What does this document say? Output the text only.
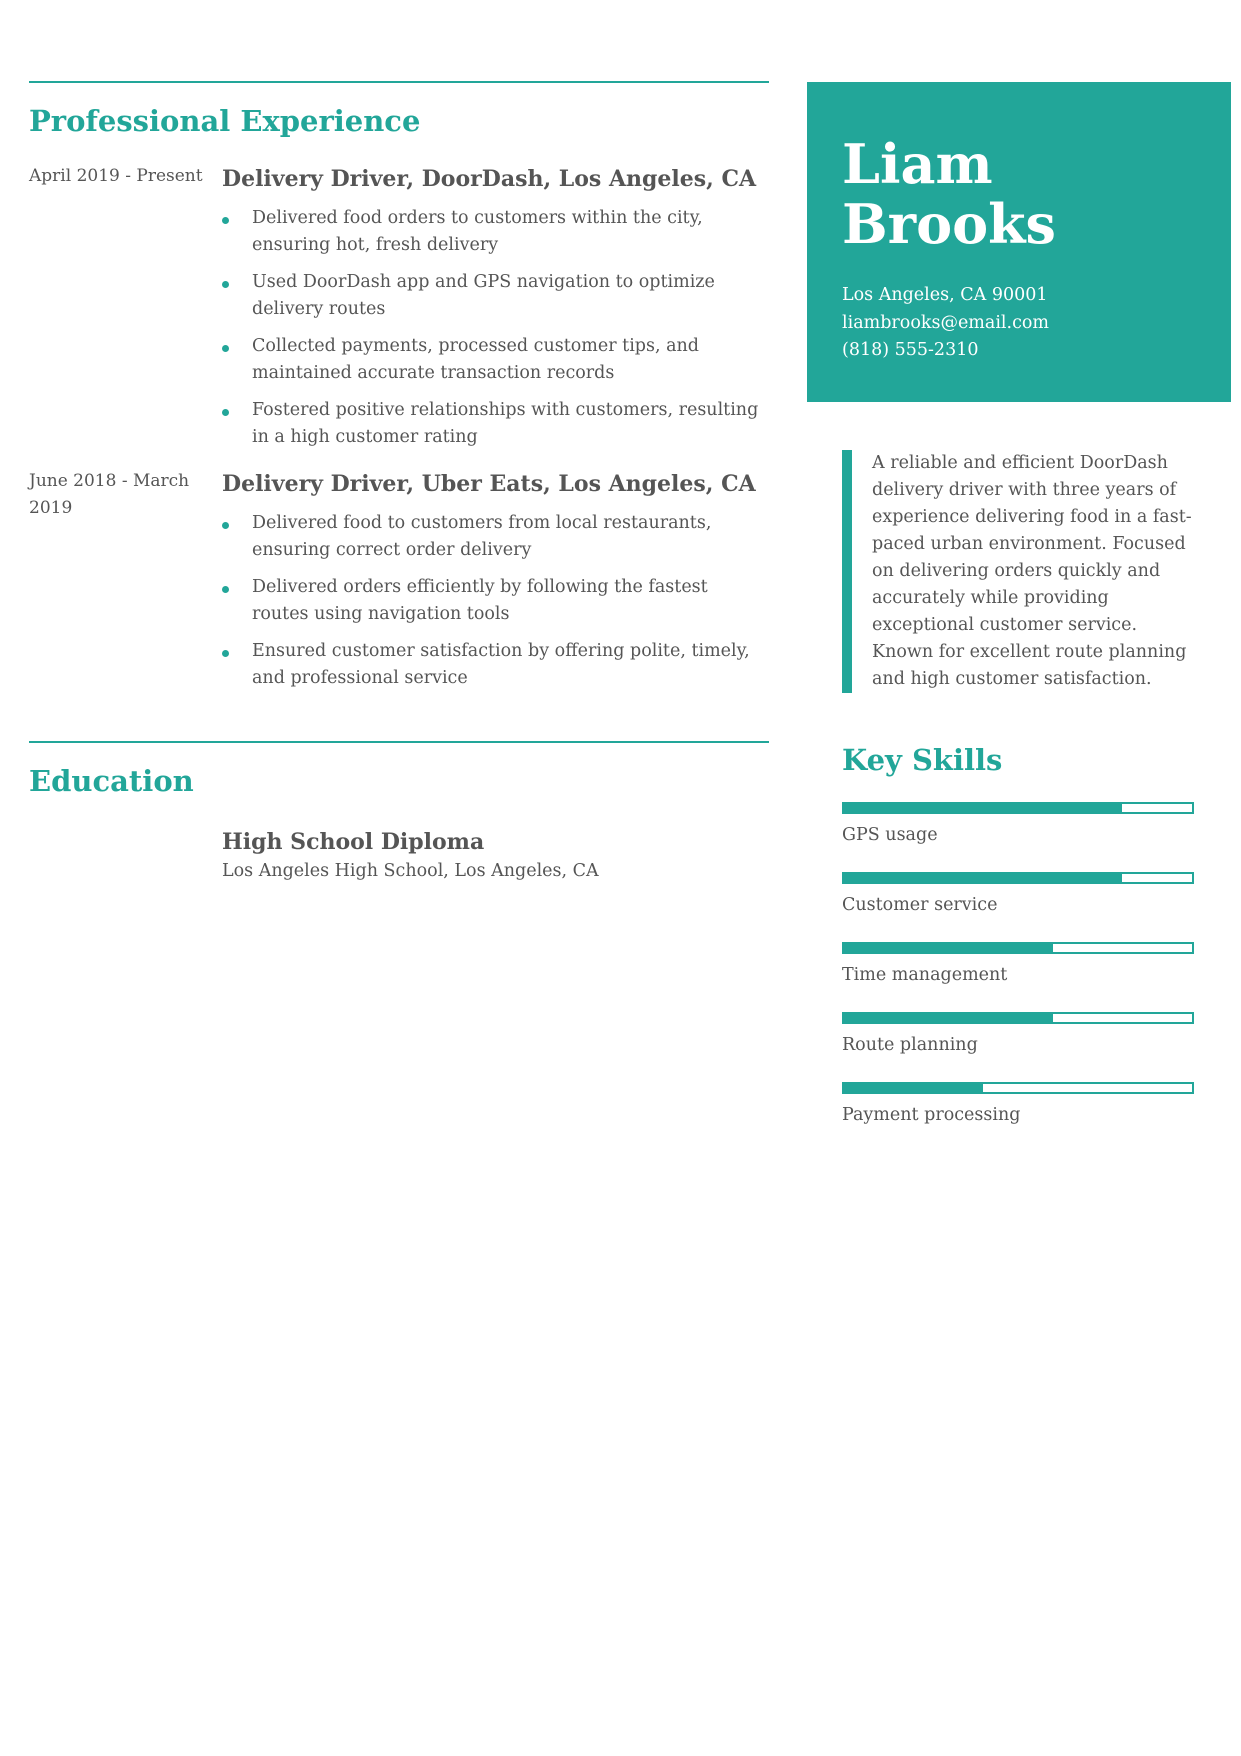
Professional Experience
April 2019 - Present Delivery Driver, DoorDash, Los Angeles, CA
Delivered food orders to customers within the city, ensuring hot, fresh delivery
Used DoorDash app and GPS navigation to optimize delivery routes
Collected payments, processed customer tips, and maintained accurate transaction records
Fostered positive relationships with customers, resulting in a high customer rating
June 2018 - March 2019
Delivery Driver, Uber Eats, Los Angeles, CA
Delivered food to customers from local restaurants, ensuring correct order delivery
Delivered orders efficiently by following the fastest routes using navigation tools
Ensured customer satisfaction by offering polite, timely, and professional service
Education
High School Diploma
Los Angeles High School, Los Angeles, CA
Liam
Brooks
Los Angeles, CA 90001
liambrooks@email.com
(818) 555-2310
A reliable and efficient DoorDash delivery driver with three years of experience delivering food in a fast-paced urban environment. Focused on delivering orders quickly and accurately while providing exceptional customer service. Known for excellent route planning and high customer satisfaction.
Key Skills
GPS usage
Customer service
Time management
Route planning
Payment processing
